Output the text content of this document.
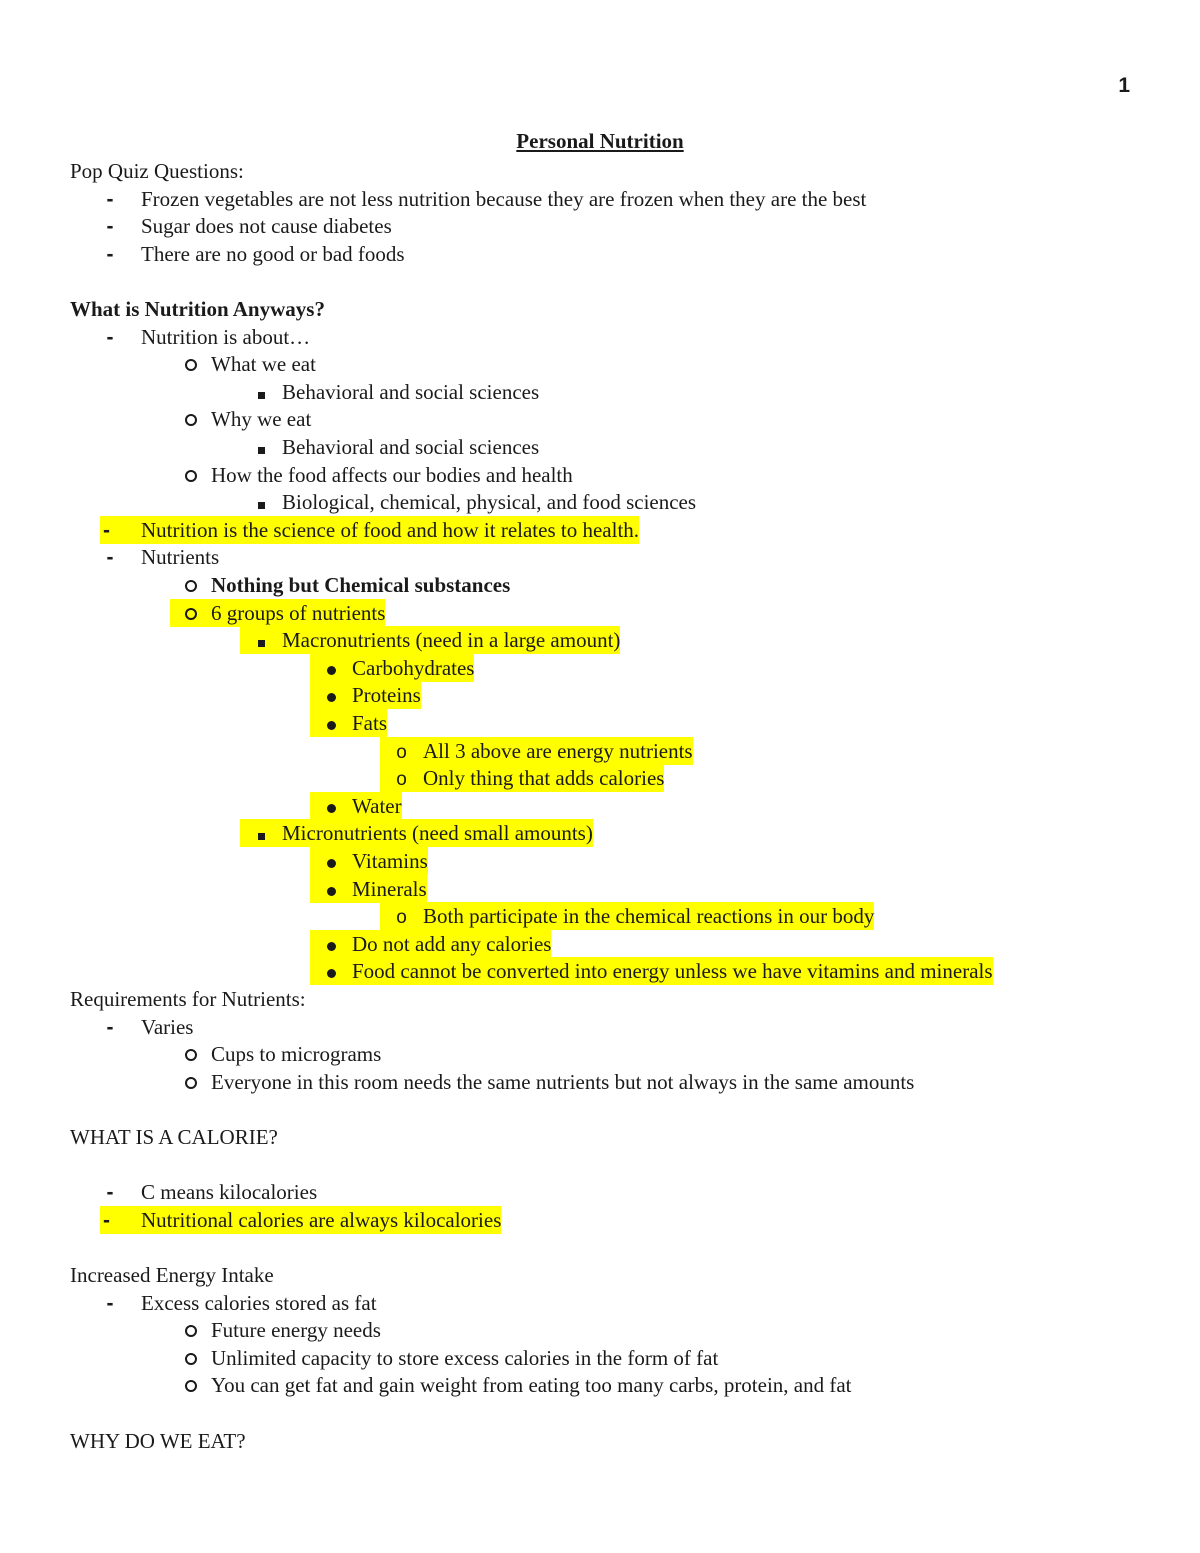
1
Personal Nutrition
Pop Quiz Questions:
-	Frozen vegetables are not less nutrition because they are frozen when they are the best
-	Sugar does not cause diabetes
-	There are no good or bad foods
What is Nutrition Anyways?
-	Nutrition is about…
What we eat
Behavioral and social sciences
Why we eat
Behavioral and social sciences
How the food affects our bodies and health
Biological, chemical, physical, and food sciences
-	Nutrition is the science of food and how it relates to health.
-	Nutrients
Nothing but Chemical substances
6 groups of nutrients
Macronutrients (need in a large amount)
Carbohydrates
Proteins
Fats
o All 3 above are energy nutrients
o Only thing that adds calories
Water
Micronutrients (need small amounts)
Vitamins
Minerals
o Both participate in the chemical reactions in our body
Do not add any calories
Food cannot be converted into energy unless we have vitamins and minerals
Requirements for Nutrients:
-	Varies
Cups to micrograms
Everyone in this room needs the same nutrients but not always in the same amounts
WHAT IS A CALORIE?
-	C means kilocalories
-	Nutritional calories are always kilocalories
Increased Energy Intake
-	Excess calories stored as fat
Future energy needs
Unlimited capacity to store excess calories in the form of fat
You can get fat and gain weight from eating too many carbs, protein, and fat
WHY DO WE EAT?
